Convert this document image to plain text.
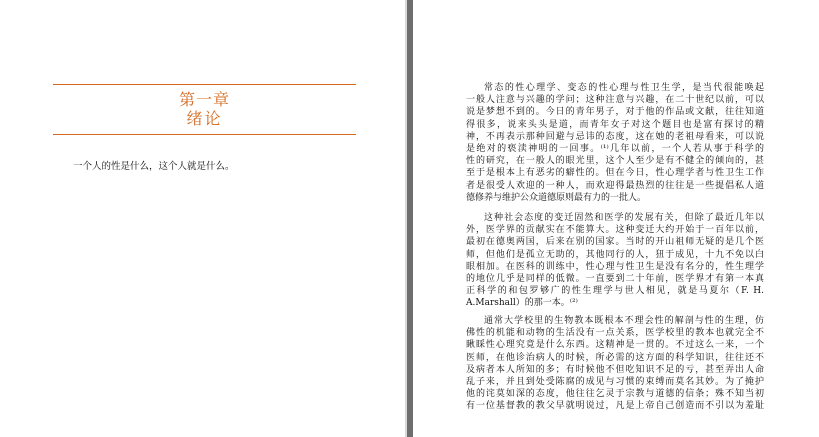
第一章
绪论
一个人的性是什么，这个人就是什么。
常态的性心理学、变态的性心理与性卫生学，是当代很能唤起
一般人注意与兴趣的学问；这种注意与兴趣，在二十世纪以前，可以
说是梦想不到的。今日的青年男子，对于他的作品或文献，往往知道
得很多，说来头头是道，而青年女子对这个题目也是富有探讨的精
神，不再表示那种回避与忌讳的态度，这在她的老祖母看来，可以说
是绝对的亵渎神明的一回事。⁽¹⁾几年以前，一个人若从事于科学的
性的研究，在一般人的眼光里，这个人至少是有不健全的倾向的，甚
至于是根本上有恶劣的癖性的。但在今日，性心理学者与性卫生工作
者是很受人欢迎的一种人，而欢迎得最热烈的往往是一些提倡私人道
德修养与维护公众道德原则最有力的一批人。
这种社会态度的变迁固然和医学的发展有关，但除了最近几年以
外，医学界的贡献实在不能算大。这种变迁大约开始于一百年以前，
最初在德奥两国，后来在别的国家。当时的开山祖师无疑的是几个医
师，但他们是孤立无助的，其他同行的人，狃于成见，十九不免以白
眼相加。在医科的训练中，性心理与性卫生是没有名分的，性生理学
的地位几乎是同样的低微。一直要到二十年前，医学界才有第一本真
正科学的和包罗够广的性生理学与世人相见，就是马夏尔（F. H.
A.Marshall）的那一本。⁽²⁾
通常大学校里的生物教本既根本不理会性的解剖与性的生理，仿
佛性的机能和动物的生活没有一点关系，医学校里的教本也就完全不
瞅睬性心理究竟是什么东西。这精神是一贯的。不过这么一来，一个
医师，在他诊治病人的时候，所必需的这方面的科学知识，往往还不
及病者本人所知的多；有时候他不但吃知识不足的亏，甚至弄出人命
乱子来，并且到处受陈腐的成见与习惯的束缚而莫名其妙。为了掩护
他的诧莫如深的态度，他往往乞灵于宗教与道德的信条；殊不知当初
有一位基督教的教父早就明说过，凡是上帝自己创造而不引以为羞耻
